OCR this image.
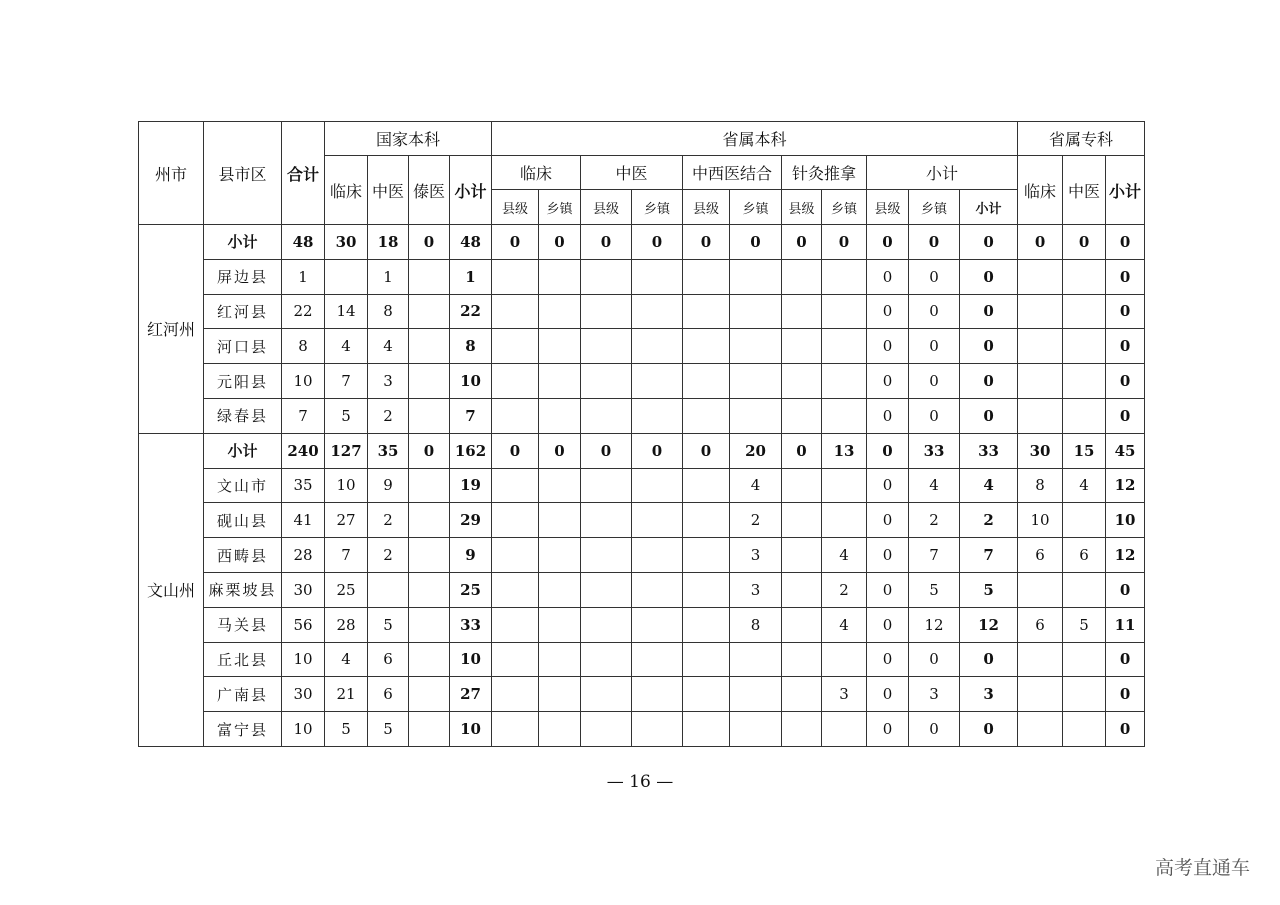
州市	县市区	合计	国家本科				省属本科											省属专科		
			临床	中医	傣医	小计	临床		中医		中西医结合		针灸推拿		小计			临床	中医	小计
							县级	乡镇	县级	乡镇	县级	乡镇	县级	乡镇	县级	乡镇	小计			
红河州	小计	48	30	18	0	48	0	0	0	0	0	0	0	0	0	0	0	0	0	0
	屏边县	1		1		1									0	0	0			0
	红河县	22	14	8		22									0	0	0			0
	河口县	8	4	4		8									0	0	0			0
	元阳县	10	7	3		10									0	0	0			0
	绿春县	7	5	2		7									0	0	0			0
文山州	小计	240	127	35	0	162	0	0	0	0	0	20	0	13	0	33	33	30	15	45
	文山市	35	10	9		19						4			0	4	4	8	4	12
	砚山县	41	27	2		29						2			0	2	2	10		10
	西畴县	28	7	2		9						3		4	0	7	7	6	6	12
	麻栗坡县	30	25			25						3		2	0	5	5			0
	马关县	56	28	5		33						8		4	0	12	12	6	5	11
	丘北县	10	4	6		10									0	0	0			0
	广南县	30	21	6		27								3	0	3	3			0
	富宁县	10	5	5		10									0	0	0			0
— 16 —
高考直通车
